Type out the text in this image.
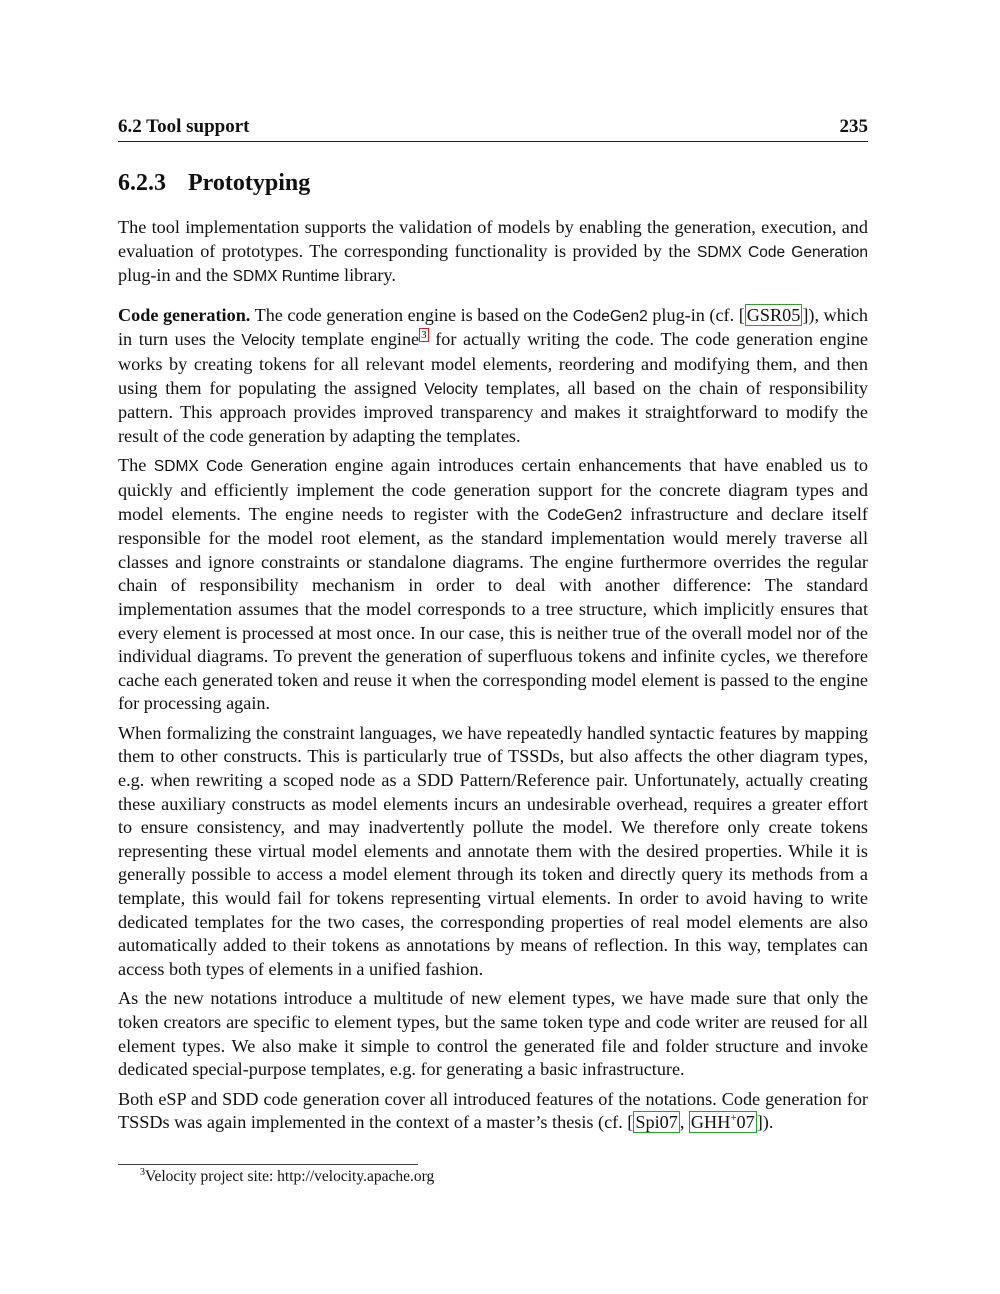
6.2 Tool support	235
6.2.3 Prototyping

The tool implementation supports the validation of models by enabling the generation, execution, and evaluation of prototypes. The corresponding functionality is provided by the SDMX Code Generation plug-in and the SDMX Runtime library.

Code generation. The code generation engine is based on the CodeGen2 plug-in (cf. [ GSR05 ]), which in turn uses the Velocity template engine $^3$ for actually writing the code. The code generation engine works by creating tokens for all relevant model elements, reordering and modifying them, and then using them for populating the assigned Velocity templates, all based on the chain of responsibility pattern. This approach provides improved transparency and makes it straightforward to modify the result of the code generation by adapting the templates.

The SDMX Code Generation engine again introduces certain enhancements that have enabled us to quickly and efficiently implement the code generation support for the concrete diagram types and model elements. The engine needs to register with the CodeGen2 infrastructure and declare itself responsible for the model root element, as the standard implementation would merely traverse all classes and ignore constraints or standalone diagrams. The engine furthermore overrides the regular chain of responsibility mechanism in order to deal with another difference: The standard implementation assumes that the model corresponds to a tree structure, which implicitly ensures that every element is processed at most once. In our case, this is neither true of the overall model nor of the individual diagrams. To prevent the generation of superfluous tokens and infinite cycles, we therefore cache each generated token and reuse it when the corresponding model element is passed to the engine for processing again.

When formalizing the constraint languages, we have repeatedly handled syntactic features by mapping them to other constructs. This is particularly true of TSSDs, but also affects the other diagram types, e.g. when rewriting a scoped node as a SDD Pattern/Reference pair. Unfortunately, actually creating these auxiliary constructs as model elements incurs an undesirable overhead, requires a greater effort to ensure consistency, and may inadvertently pollute the model. We therefore only create tokens representing these virtual model elements and annotate them with the desired properties. While it is generally possible to access a model element through its token and directly query its methods from a template, this would fail for tokens representing virtual elements. In order to avoid having to write dedicated templates for the two cases, the corresponding properties of real model elements are also automatically added to their tokens as annotations by means of reflection. In this way, templates can access both types of elements in a unified fashion.

As the new notations introduce a multitude of new element types, we have made sure that only the token creators are specific to element types, but the same token type and code writer are reused for all element types. We also make it simple to control the generated file and folder structure and invoke dedicated special-purpose templates, e.g. for generating a basic infrastructure.

Both eSP and SDD code generation cover all introduced features of the notations. Code generation for TSSDs was again implemented in the context of a master’s thesis (cf. [ Spi07 , GHH+07 ]).

$^3$Velocity project site: http://velocity.apache.org
